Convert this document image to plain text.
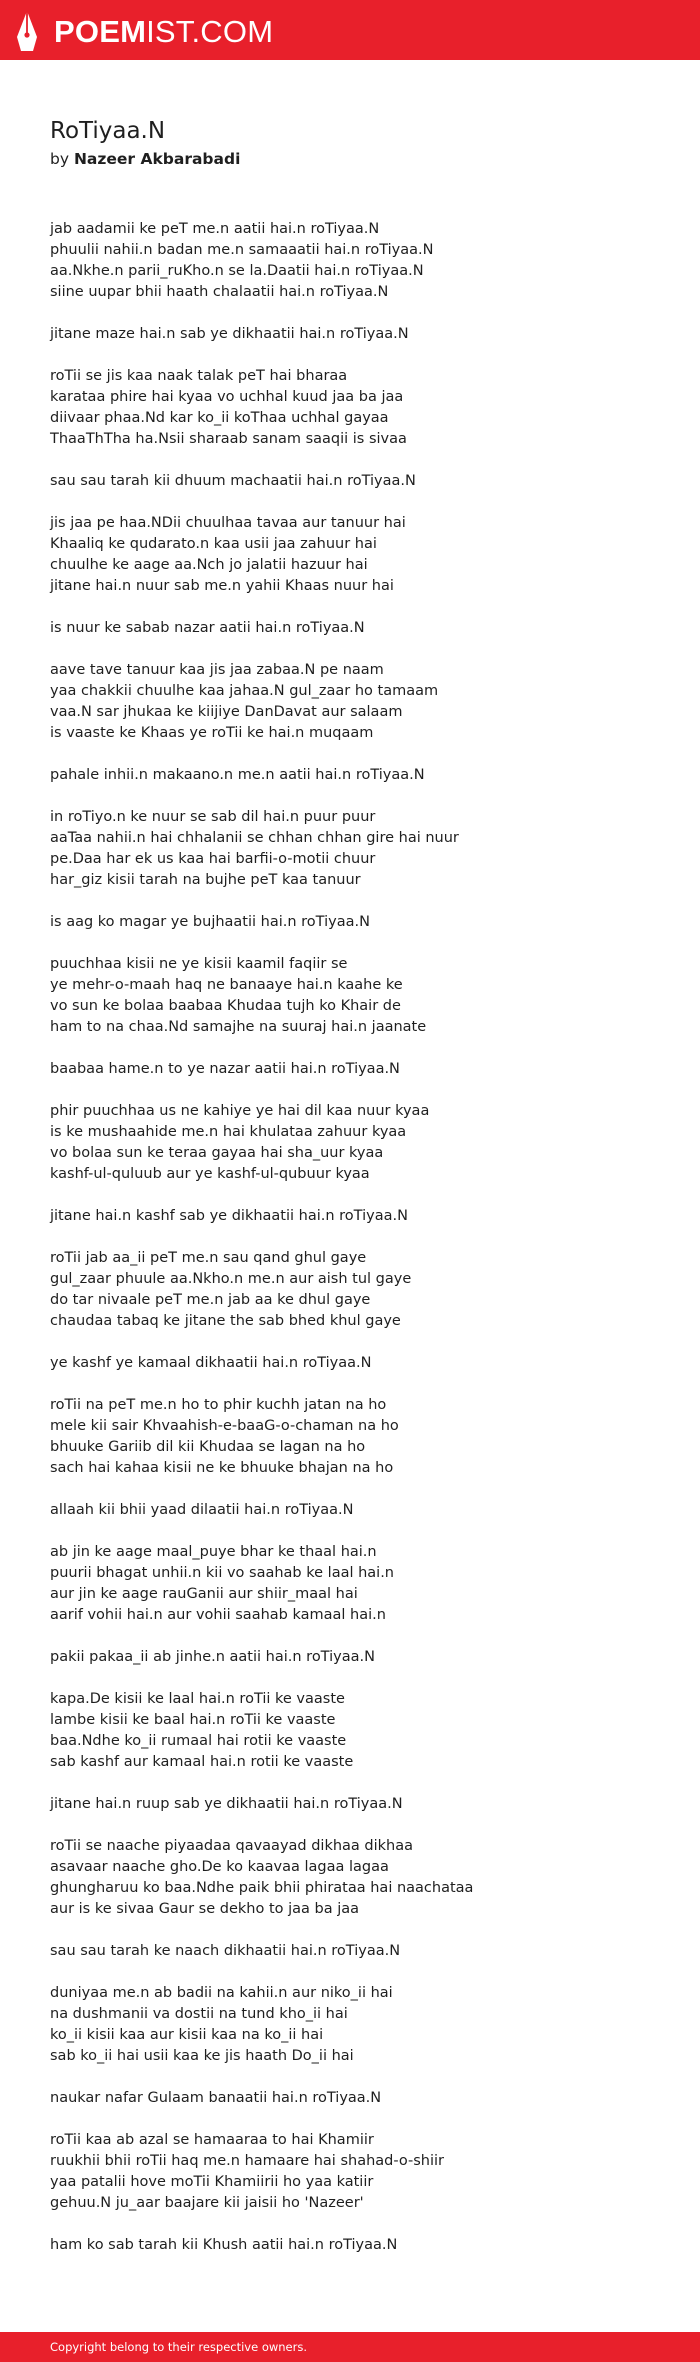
POEMIST.COM
RoTiyaa.N
by Nazeer Akbarabadi
jab aadamii ke peT me.n aatii hai.n roTiyaa.N
phuulii nahii.n badan me.n samaaatii hai.n roTiyaa.N
aa.Nkhe.n parii_ruKho.n se la.Daatii hai.n roTiyaa.N
siine uupar bhii haath chalaatii hai.n roTiyaa.N
jitane maze hai.n sab ye dikhaatii hai.n roTiyaa.N
roTii se jis kaa naak talak peT hai bharaa
karataa phire hai kyaa vo uchhal kuud jaa ba jaa
diivaar phaa.Nd kar ko_ii koThaa uchhal gayaa
ThaaThTha ha.Nsii sharaab sanam saaqii is sivaa
sau sau tarah kii dhuum machaatii hai.n roTiyaa.N
jis jaa pe haa.NDii chuulhaa tavaa aur tanuur hai
Khaaliq ke qudarato.n kaa usii jaa zahuur hai
chuulhe ke aage aa.Nch jo jalatii hazuur hai
jitane hai.n nuur sab me.n yahii Khaas nuur hai
is nuur ke sabab nazar aatii hai.n roTiyaa.N
aave tave tanuur kaa jis jaa zabaa.N pe naam
yaa chakkii chuulhe kaa jahaa.N gul_zaar ho tamaam
vaa.N sar jhukaa ke kiijiye DanDavat aur salaam
is vaaste ke Khaas ye roTii ke hai.n muqaam
pahale inhii.n makaano.n me.n aatii hai.n roTiyaa.N
in roTiyo.n ke nuur se sab dil hai.n puur puur
aaTaa nahii.n hai chhalanii se chhan chhan gire hai nuur
pe.Daa har ek us kaa hai barfii-o-motii chuur
har_giz kisii tarah na bujhe peT kaa tanuur
is aag ko magar ye bujhaatii hai.n roTiyaa.N
puuchhaa kisii ne ye kisii kaamil faqiir se
ye mehr-o-maah haq ne banaaye hai.n kaahe ke
vo sun ke bolaa baabaa Khudaa tujh ko Khair de
ham to na chaa.Nd samajhe na suuraj hai.n jaanate
baabaa hame.n to ye nazar aatii hai.n roTiyaa.N
phir puuchhaa us ne kahiye ye hai dil kaa nuur kyaa
is ke mushaahide me.n hai khulataa zahuur kyaa
vo bolaa sun ke teraa gayaa hai sha_uur kyaa
kashf-ul-quluub aur ye kashf-ul-qubuur kyaa
jitane hai.n kashf sab ye dikhaatii hai.n roTiyaa.N
roTii jab aa_ii peT me.n sau qand ghul gaye
gul_zaar phuule aa.Nkho.n me.n aur aish tul gaye
do tar nivaale peT me.n jab aa ke dhul gaye
chaudaa tabaq ke jitane the sab bhed khul gaye
ye kashf ye kamaal dikhaatii hai.n roTiyaa.N
roTii na peT me.n ho to phir kuchh jatan na ho
mele kii sair Khvaahish-e-baaG-o-chaman na ho
bhuuke Gariib dil kii Khudaa se lagan na ho
sach hai kahaa kisii ne ke bhuuke bhajan na ho
allaah kii bhii yaad dilaatii hai.n roTiyaa.N
ab jin ke aage maal_puye bhar ke thaal hai.n
puurii bhagat unhii.n kii vo saahab ke laal hai.n
aur jin ke aage rauGanii aur shiir_maal hai
aarif vohii hai.n aur vohii saahab kamaal hai.n
pakii pakaa_ii ab jinhe.n aatii hai.n roTiyaa.N
kapa.De kisii ke laal hai.n roTii ke vaaste
lambe kisii ke baal hai.n roTii ke vaaste
baa.Ndhe ko_ii rumaal hai rotii ke vaaste
sab kashf aur kamaal hai.n rotii ke vaaste
jitane hai.n ruup sab ye dikhaatii hai.n roTiyaa.N
roTii se naache piyaadaa qavaayad dikhaa dikhaa
asavaar naache gho.De ko kaavaa lagaa lagaa
ghungharuu ko baa.Ndhe paik bhii phirataa hai naachataa
aur is ke sivaa Gaur se dekho to jaa ba jaa
sau sau tarah ke naach dikhaatii hai.n roTiyaa.N
duniyaa me.n ab badii na kahii.n aur niko_ii hai
na dushmanii va dostii na tund kho_ii hai
ko_ii kisii kaa aur kisii kaa na ko_ii hai
sab ko_ii hai usii kaa ke jis haath Do_ii hai
naukar nafar Gulaam banaatii hai.n roTiyaa.N
roTii kaa ab azal se hamaaraa to hai Khamiir
ruukhii bhii roTii haq me.n hamaare hai shahad-o-shiir
yaa patalii hove moTii Khamiirii ho yaa katiir
gehuu.N ju_aar baajare kii jaisii ho 'Nazeer'
ham ko sab tarah kii Khush aatii hai.n roTiyaa.N
Copyright belong to their respective owners.
